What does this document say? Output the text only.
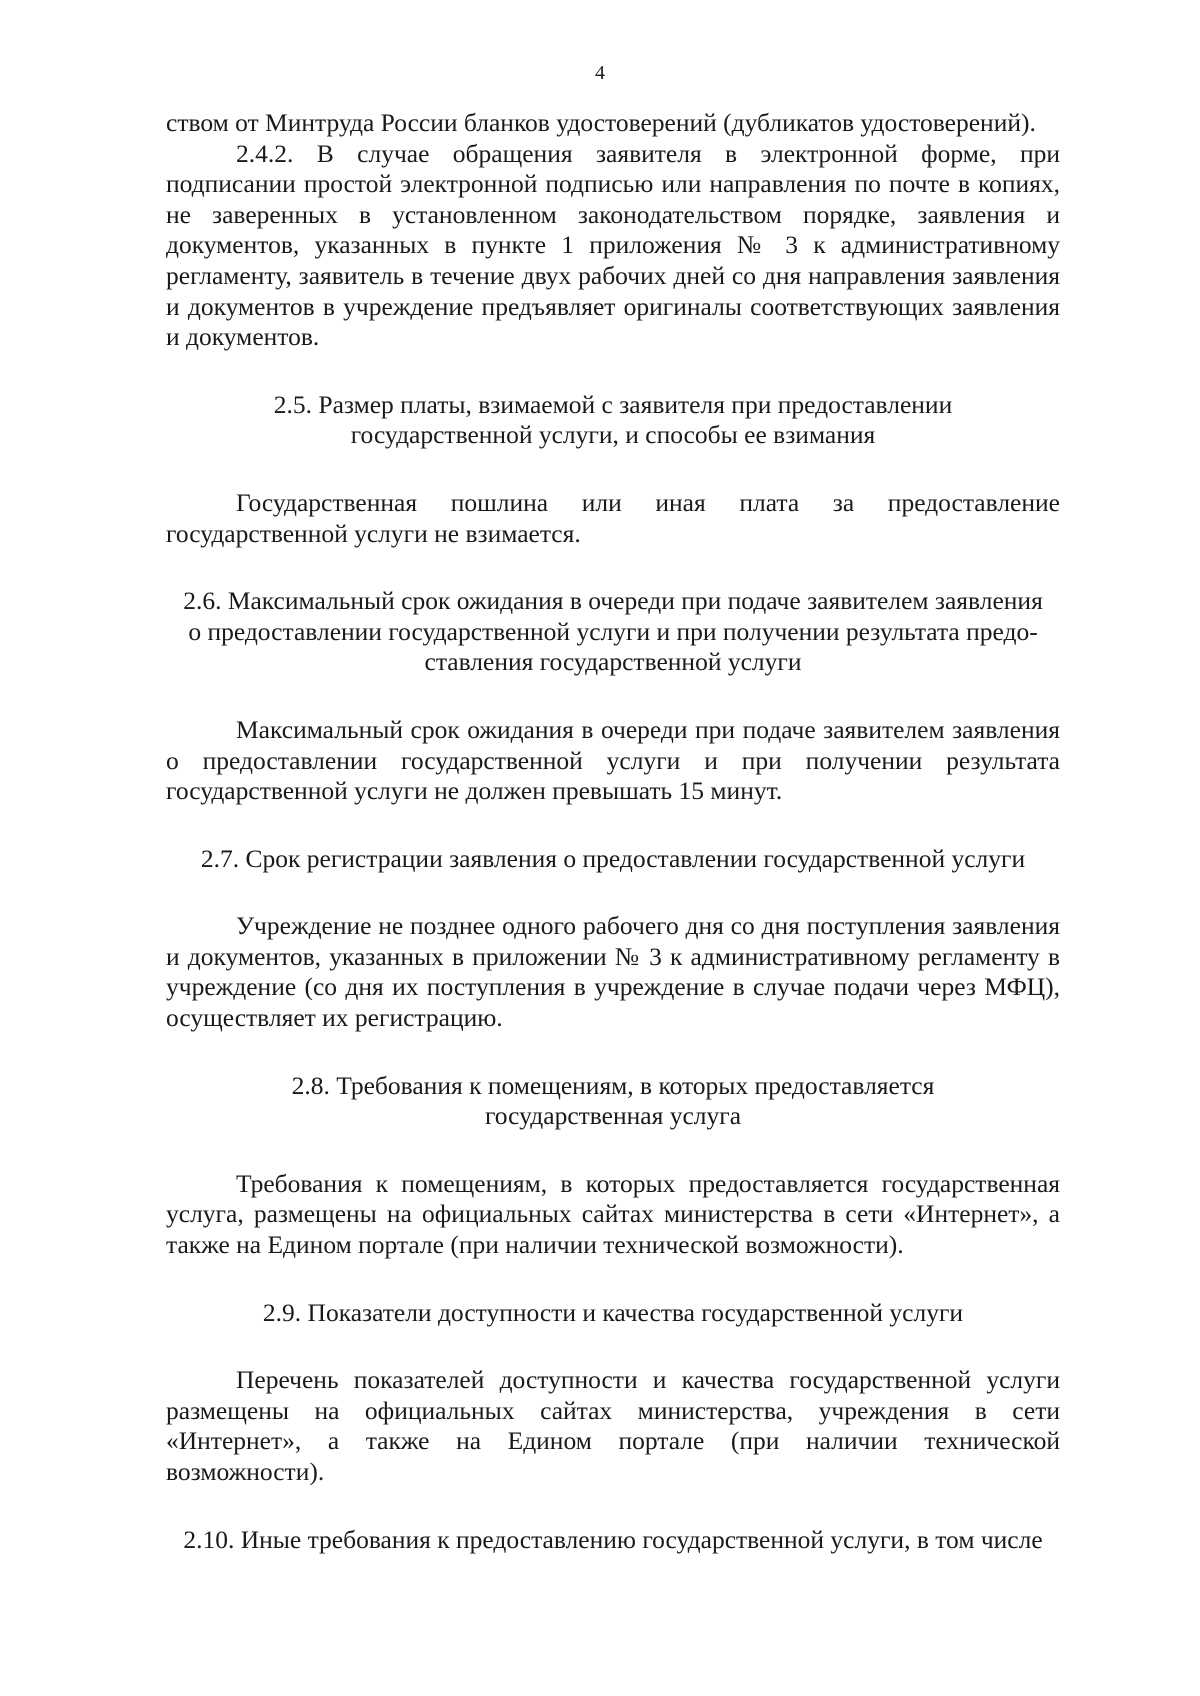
4

ством от Минтруда России бланков удостоверений (дубликатов удостоверений).

2.4.2. В случае обращения заявителя в электронной форме, при подписании простой электронной подписью или направления по почте в копиях, не заверенных в установленном законодательством порядке, заявления и документов, указанных в пункте 1 приложения № 3 к административному регламенту, заявитель в течение двух рабочих дней со дня направления заявления и документов в учреждение предъявляет оригиналы соответствующих заявления и документов.

2.5. Размер платы, взимаемой с заявителя при предоставлении
государственной услуги, и способы ее взимания

Государственная пошлина или иная плата за предоставление государственной услуги не взимается.

2.6. Максимальный срок ожидания в очереди при подаче заявителем заявления
о предоставлении государственной услуги и при получении результата предо-
ставления государственной услуги

Максимальный срок ожидания в очереди при подаче заявителем заявления о предоставлении государственной услуги и при получении результата государственной услуги не должен превышать 15 минут.

2.7. Срок регистрации заявления о предоставлении государственной услуги

Учреждение не позднее одного рабочего дня со дня поступления заявления и документов, указанных в приложении № 3 к административному регламенту в учреждение (со дня их поступления в учреждение в случае подачи через МФЦ), осуществляет их регистрацию.

2.8. Требования к помещениям, в которых предоставляется
государственная услуга

Требования к помещениям, в которых предоставляется государственная услуга, размещены на официальных сайтах министерства в сети «Интернет», а также на Едином портале (при наличии технической возможности).

2.9. Показатели доступности и качества государственной услуги

Перечень показателей доступности и качества государственной услуги размещены на официальных сайтах министерства, учреждения в сети «Интернет», а также на Едином портале (при наличии технической возможности).

2.10. Иные требования к предоставлению государственной услуги, в том числе
